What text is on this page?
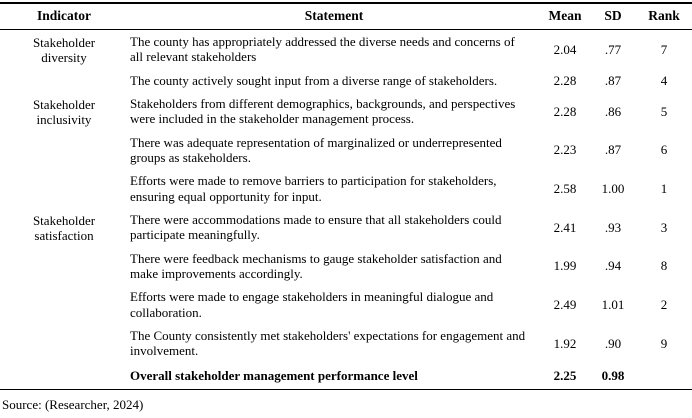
Indicator	Statement	Mean	SD	Rank
Stakeholder diversity	The county has appropriately addressed the diverse needs and concerns of all relevant stakeholders	2.04	.77	7
	The county actively sought input from a diverse range of stakeholders.	2.28	.87	4
Stakeholder inclusivity	Stakeholders from different demographics, backgrounds, and perspectives were included in the stakeholder management process.	2.28	.86	5
	There was adequate representation of marginalized or underrepresented groups as stakeholders.	2.23	.87	6
	Efforts were made to remove barriers to participation for stakeholders, ensuring equal opportunity for input.	2.58	1.00	1
Stakeholder satisfaction	There were accommodations made to ensure that all stakeholders could participate meaningfully.	2.41	.93	3
	There were feedback mechanisms to gauge stakeholder satisfaction and make improvements accordingly.	1.99	.94	8
	Efforts were made to engage stakeholders in meaningful dialogue and collaboration.	2.49	1.01	2
	The County consistently met stakeholders' expectations for engagement and involvement.	1.92	.90	9
	Overall stakeholder management performance level	2.25	0.98	
Source: (Researcher, 2024)
